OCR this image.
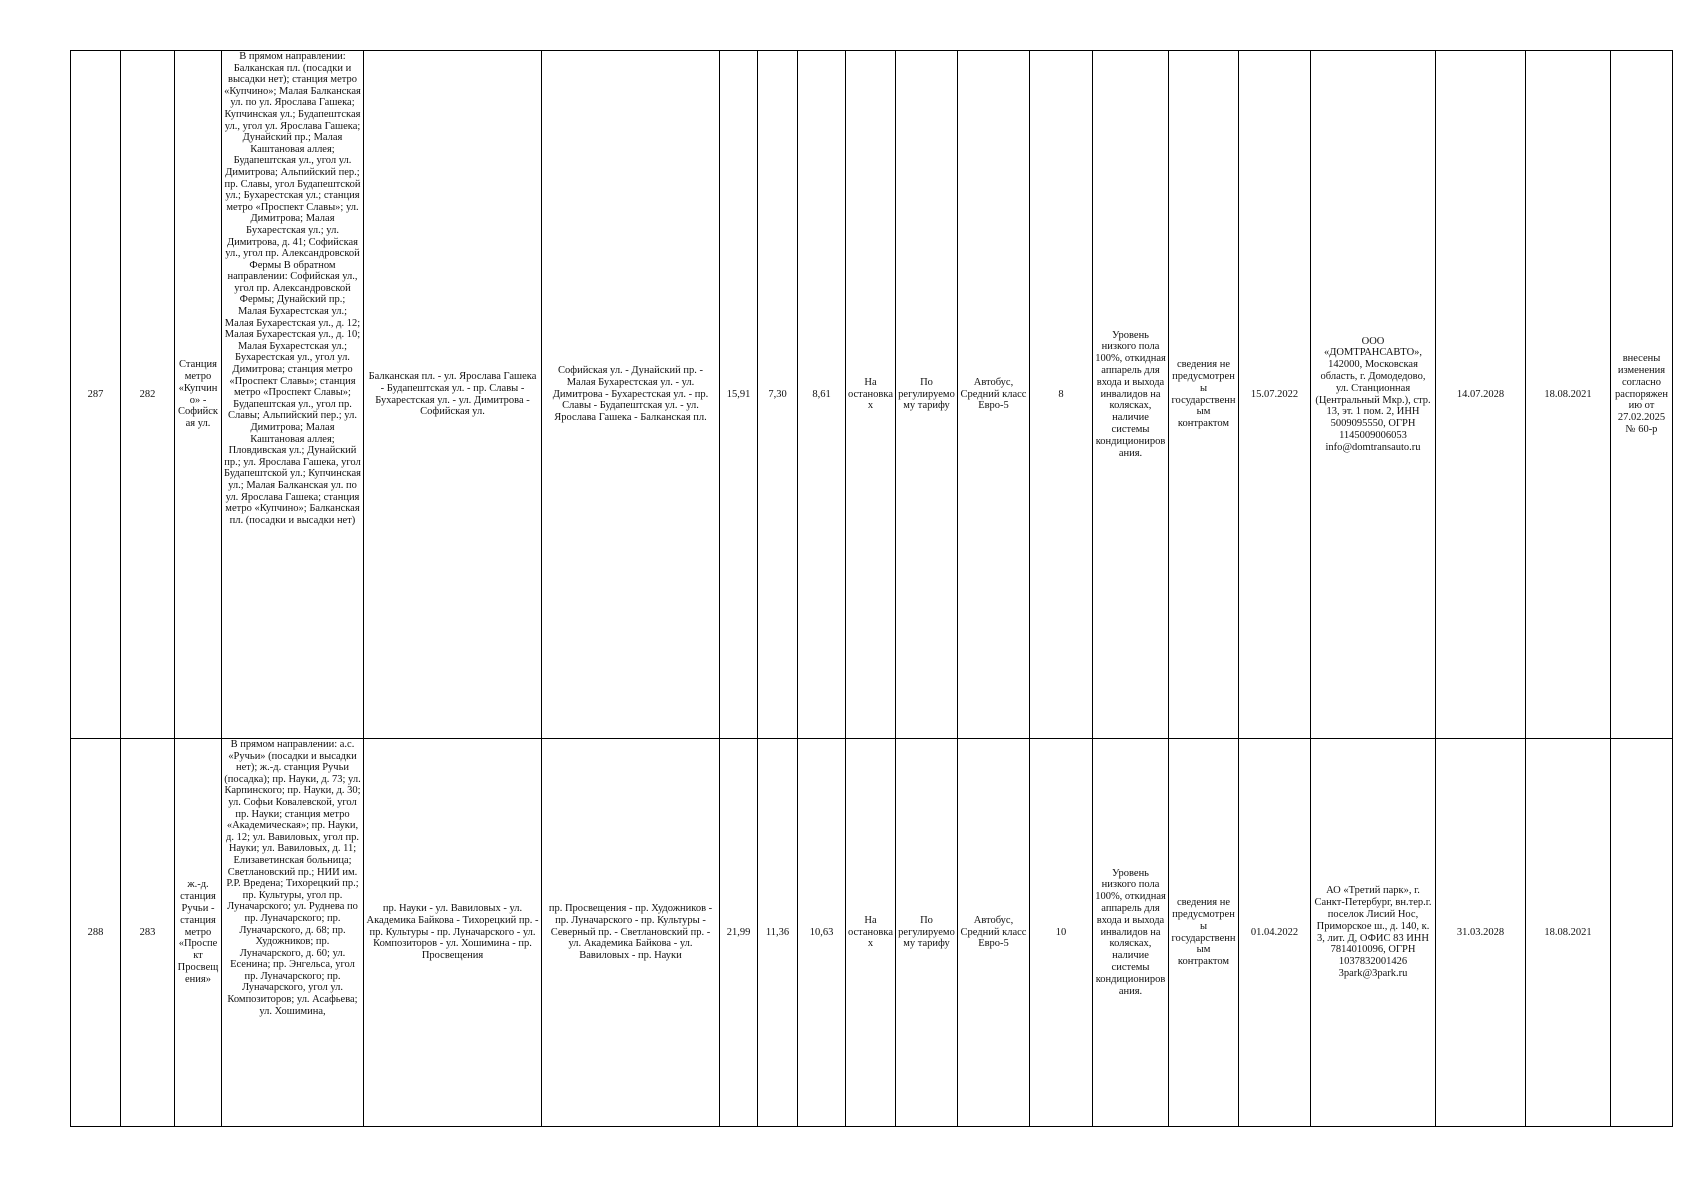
287	282	Станция метро «Купчино» - Софийская ул.	В прямом направлении: Балканская пл. (посадки и высадки нет); станция метро «Купчино»; Малая Балканская ул. по ул. Ярослава Гашека; Купчинская ул.; Будапештская ул., угол ул. Ярослава Гашека; Дунайский пр.; Малая Каштановая аллея; Будапештская ул., угол ул. Димитрова; Альпийский пер.; пр. Славы, угол Будапештской ул.; Бухарестская ул.; станция метро «Проспект Славы»; ул. Димитрова; Малая Бухарестская ул.; ул. Димитрова, д. 41; Софийская ул., угол пр. Александровской Фермы В обратном направлении: Софийская ул., угол пр. Александровской Фермы; Дунайский пр.; Малая Бухарестская ул.; Малая Бухарестская ул., д. 12; Малая Бухарестская ул., д. 10; Малая Бухарестская ул.; Бухарестская ул., угол ул. Димитрова; станция метро «Проспект Славы»; станция метро «Проспект Славы»; Будапештская ул., угол пр. Славы; Альпийский пер.; ул. Димитрова; Малая Каштановая аллея; Пловдивская ул.; Дунайский пр.; ул. Ярослава Гашека, угол Будапештской ул.; Купчинская ул.; Малая Балканская ул. по ул. Ярослава Гашека; станция метро «Купчино»; Балканская пл. (посадки и высадки нет)	Балканская пл. - ул. Ярослава Гашека - Будапештская ул. - пр. Славы - Бухарестская ул. - ул. Димитрова - Софийская ул.	Софийская ул. - Дунайский пр. - Малая Бухарестская ул. - ул. Димитрова - Бухарестская ул. - пр. Славы - Будапештская ул. - ул. Ярослава Гашека - Балканская пл.	15,91	7,30	8,61	На остановках	По регулируемому тарифу	Автобус, Средний класс Евро-5	8	Уровень низкого пола 100%, откидная аппарель для входа и выхода инвалидов на колясках, наличие системы кондиционирования.	сведения не предусмотрены государственным контрактом	15.07.2022	ООО «ДОМТРАНСАВТО», 142000, Московская область, г. Домодедово, ул. Станционная (Центральный Мкр.), стр. 13, эт. 1 пом. 2, ИНН 5009095550, ОГРН 1145009006053 info@domtransauto.ru	14.07.2028	18.08.2021	внесены изменения согласно распоряжению от 27.02.2025 № 60-р
288	283	ж.-д. станция Ручьи - станция метро «Проспект Просвещения»	В прямом направлении: а.с. «Ручьи» (посадки и высадки нет); ж.-д. станция Ручьи (посадка); пр. Науки, д. 73; ул. Карпинского; пр. Науки, д. 30; ул. Софьи Ковалевской, угол пр. Науки; станция метро «Академическая»; пр. Науки, д. 12; ул. Вавиловых, угол пр. Науки; ул. Вавиловых, д. 11; Елизаветинская больница; Светлановский пр.; НИИ им. Р.Р. Вредена; Тихорецкий пр.; пр. Культуры, угол пр. Луначарского; ул. Руднева по пр. Луначарского; пр. Луначарского, д. 68; пр. Художников; пр. Луначарского, д. 60; ул. Есенина; пр. Энгельса, угол пр. Луначарского; пр. Луначарского, угол ул. Композиторов; ул. Асафьева; ул. Хошимина,	пр. Науки - ул. Вавиловых - ул. Академика Байкова - Тихорецкий пр. - пр. Культуры - пр. Луначарского - ул. Композиторов - ул. Хошимина - пр. Просвещения	пр. Просвещения - пр. Художников - пр. Луначарского - пр. Культуры - Северный пр. - Светлановский пр. - ул. Академика Байкова - ул. Вавиловых - пр. Науки	21,99	11,36	10,63	На остановках	По регулируемому тарифу	Автобус, Средний класс Евро-5	10	Уровень низкого пола 100%, откидная аппарель для входа и выхода инвалидов на колясках, наличие системы кондиционирования.	сведения не предусмотрены государственным контрактом	01.04.2022	АО «Третий парк», г. Санкт-Петербург, вн.тер.г. поселок Лисий Нос, Приморское ш., д. 140, к. 3, лит. Д, ОФИС 83 ИНН 7814010096, ОГРН 1037832001426 3park@3park.ru	31.03.2028	18.08.2021	
